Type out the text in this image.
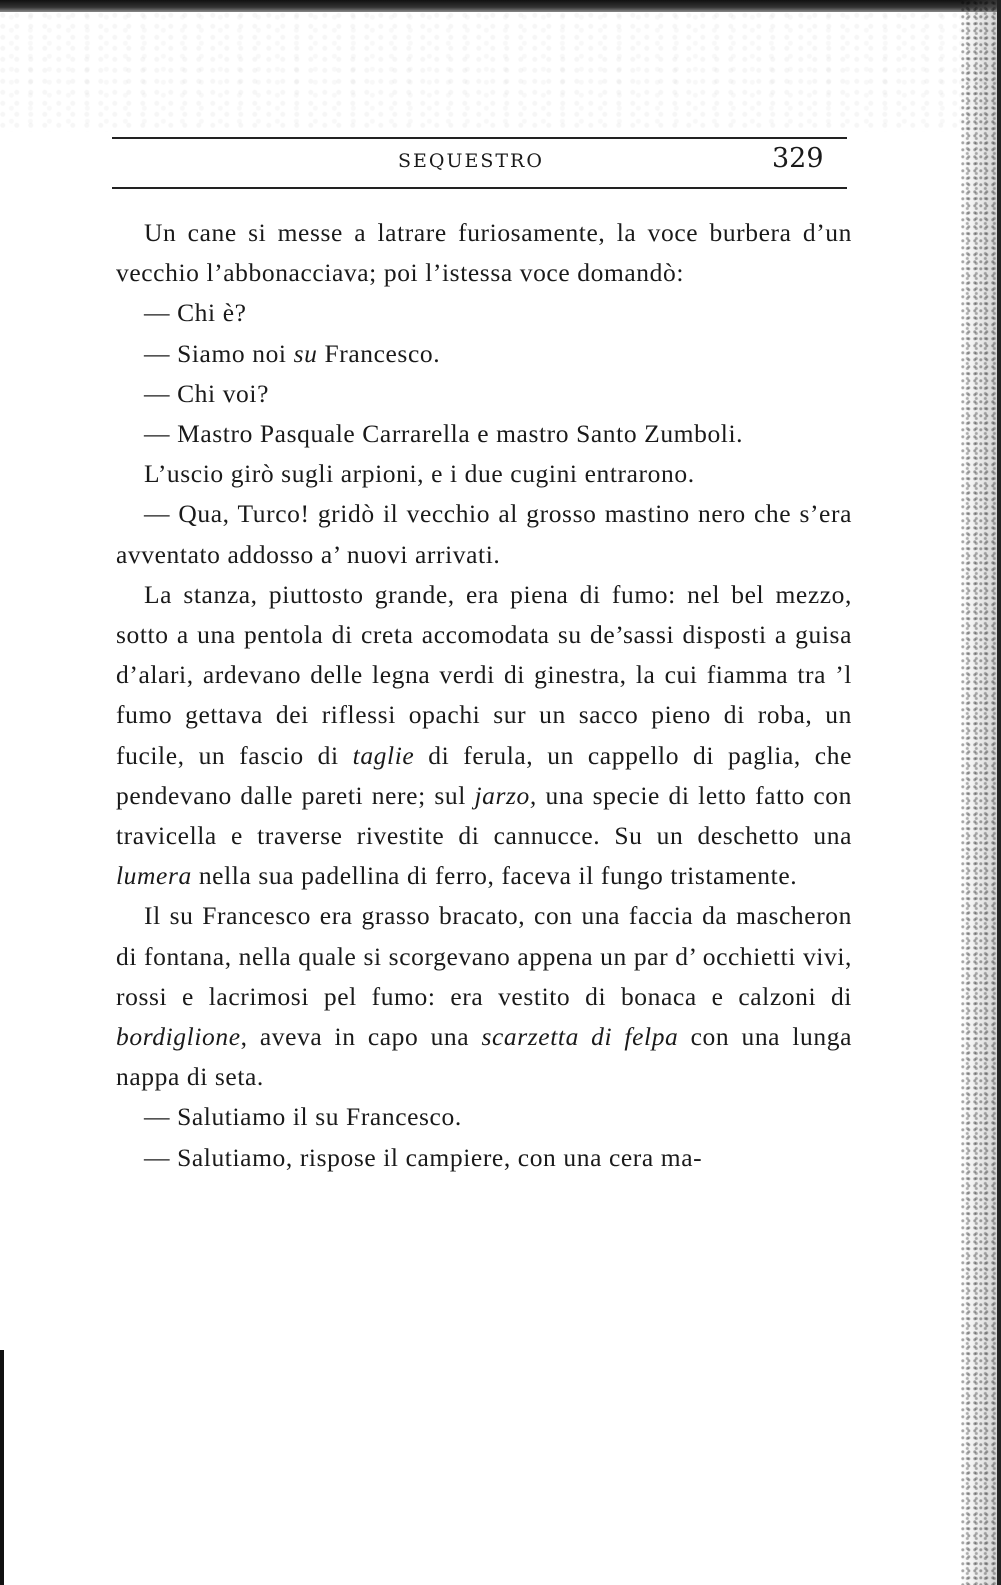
SEQUESTRO	329

Un cane si messe a latrare furiosamente, la voce burbera d’un vecchio l’abbonacciava; poi l’istessa voce domandò:

— Chi è?

— Siamo noi su Francesco.

— Chi voi?

— Mastro Pasquale Carrarella e mastro Santo Zumboli.

L’uscio girò sugli arpioni, e i due cugini entrarono.

— Qua, Turco! gridò il vecchio al grosso mastino nero che s’era avventato addosso a’ nuovi arrivati.

La stanza, piuttosto grande, era piena di fumo: nel bel mezzo, sotto a una pentola di creta accomodata su de’sassi disposti a guisa d’alari, ardevano delle legna verdi di ginestra, la cui fiamma tra ’l fumo gettava dei riflessi opachi sur un sacco pieno di roba, un fucile, un fascio di taglie di ferula, un cappello di paglia, che pendevano dalle pareti nere; sul jarzo, una specie di letto fatto con travicella e traverse rivestite di cannucce. Su un deschetto una lumera nella sua padellina di ferro, faceva il fungo tristamente.

Il su Francesco era grasso bracato, con una faccia da mascheron di fontana, nella quale si scorgevano appena un par d’ occhietti vivi, rossi e lacrimosi pel fumo: era vestito di bonaca e calzoni di bordiglione, aveva in capo una scarzetta di felpa con una lunga nappa di seta.

— Salutiamo il su Francesco.

— Salutiamo, rispose il campiere, con una cera ma-
